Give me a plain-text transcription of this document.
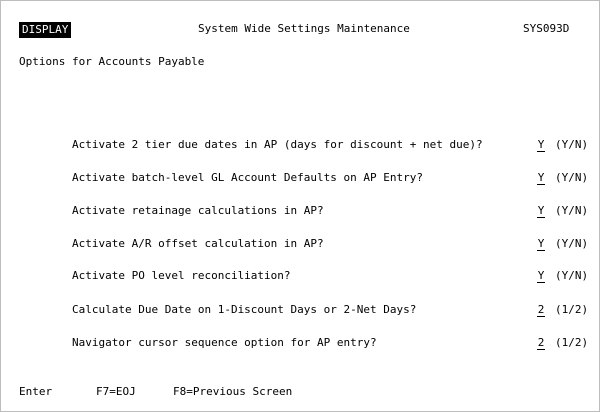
DISPLAY	System Wide Settings Maintenance	SYS093D
Options for Accounts Payable
Activate 2 tier due dates in AP (days for discount + net due)?	Y (Y/N)
Activate batch-level GL Account Defaults on AP Entry?	Y (Y/N)
Activate retainage calculations in AP?	Y (Y/N)
Activate A/R offset calculation in AP?	Y (Y/N)
Activate PO level reconciliation?	Y (Y/N)
Calculate Due Date on 1-Discount Days or 2-Net Days?	2 (1/2)
Navigator cursor sequence option for AP entry?	2 (1/2)
Enter	F7=EOJ	F8=Previous Screen
